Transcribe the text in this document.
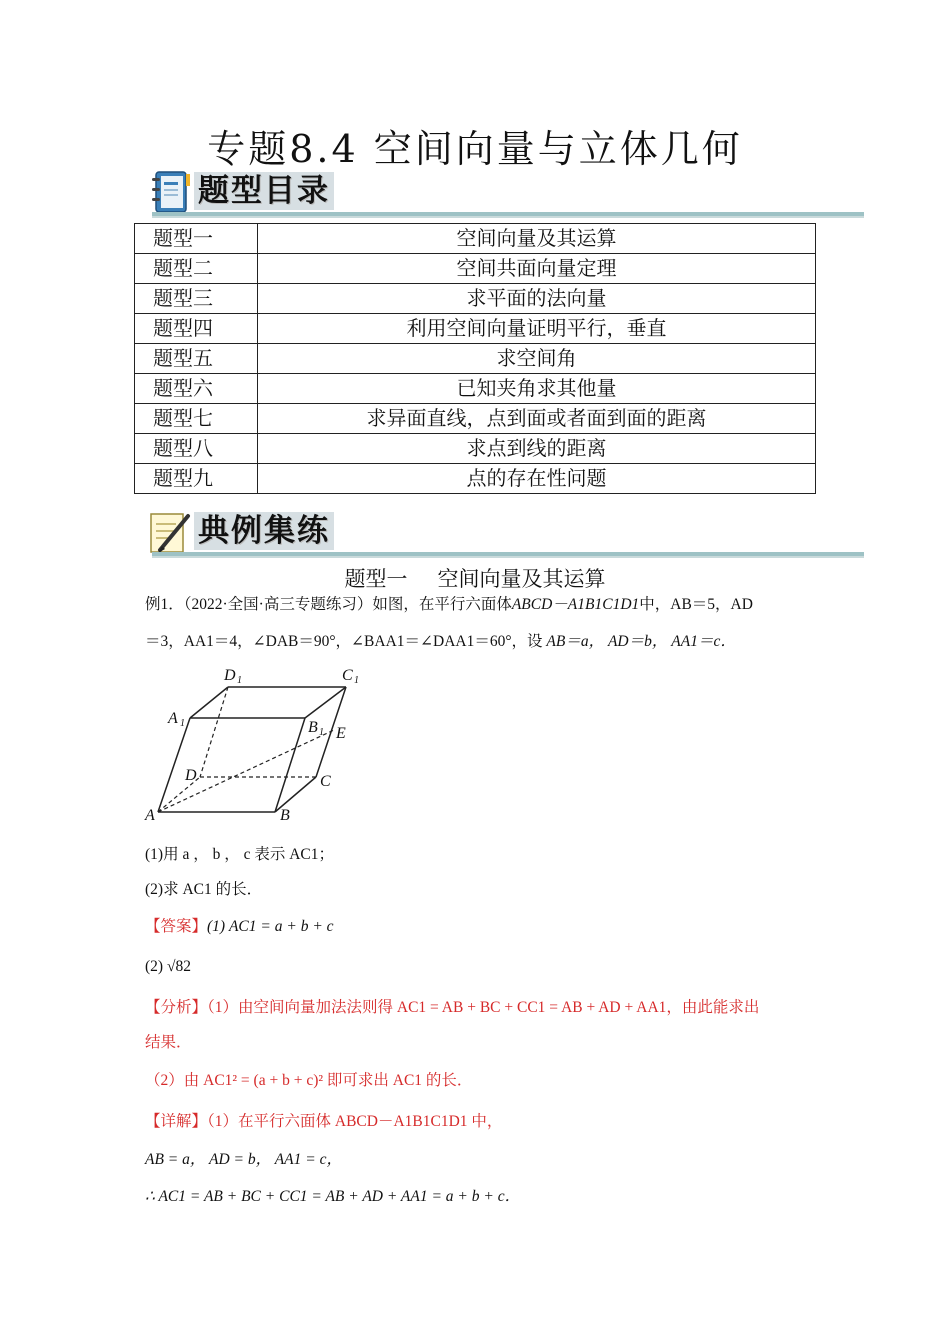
专题8.4 空间向量与立体几何
题型目录
题型一	空间向量及其运算
题型二	空间共面向量定理
题型三	求平面的法向量
题型四	利用空间向量证明平行，垂直
题型五	求空间角
题型六	已知夹角求其他量
题型七	求异面直线，点到面或者面到面的距离
题型八	求点到线的距离
题型九	点的存在性问题
典例集练
题型一 空间向量及其运算
例1．（2022·全国·高三专题练习）如图，在平行六面体ABCD－A1B1C1D1中，AB＝5，AD
＝3，AA1＝4，∠DAB＝90°，∠BAA1＝∠DAA1＝60°，设 AB＝a， AD＝b， AA1＝c．
D 1	C 1
A 1	B 1 E
D	C
A	B
(1)用 a ， b ， c 表示 AC1；
(2)求 AC1 的长．
【答案】(1) AC1 = a + b + c
(2) √82
【分析】（1）由空间向量加法法则得 AC1 = AB + BC + CC1 = AB + AD + AA1，由此能求出
结果．
（2）由 AC1² = (a + b + c)² 即可求出 AC1 的长．
【详解】（1）在平行六面体 ABCD－A1B1C1D1 中，
AB = a， AD = b， AA1 = c，
∴ AC1 = AB + BC + CC1 = AB + AD + AA1 = a + b + c．
